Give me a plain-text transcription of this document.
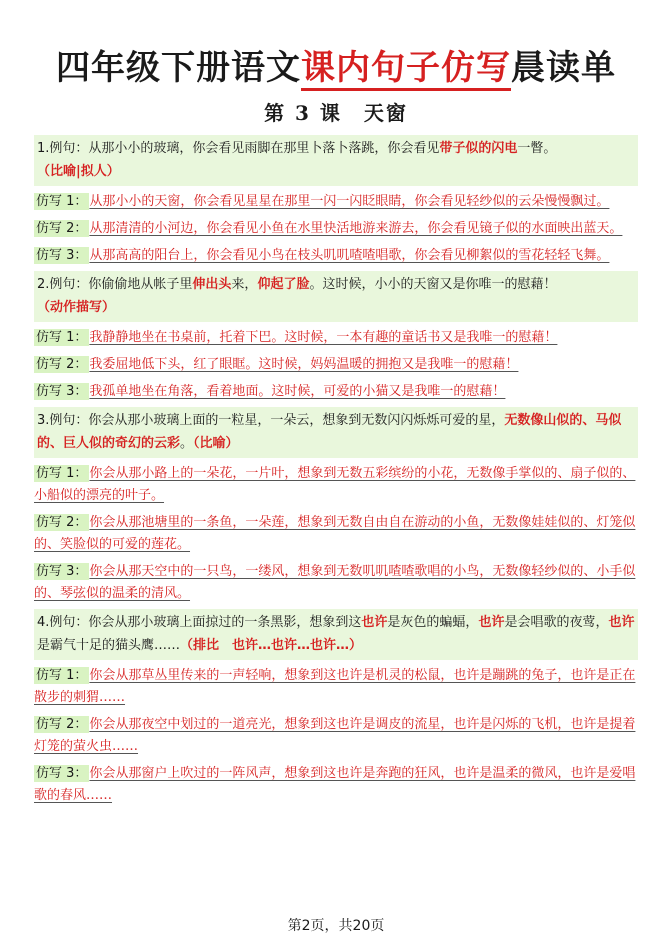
四年级下册语文课内句子仿写晨读单
第 3 课　天窗
1.例句：从那小小的玻璃，你会看见雨脚在那里卜落卜落跳，你会看见带子似的闪电一瞥。
（比喻|拟人）
仿写 1： 从那小小的天窗，你会看见星星在那里一闪一闪眨眼睛，你会看见轻纱似的云朵慢慢飘过。
仿写 2： 从那清清的小河边，你会看见小鱼在水里快活地游来游去，你会看见镜子似的水面映出蓝天。
仿写 3： 从那高高的阳台上，你会看见小鸟在枝头叽叽喳喳唱歌，你会看见柳絮似的雪花轻轻飞舞。
2.例句：你偷偷地从帐子里伸出头来，仰起了脸。这时候，小小的天窗又是你唯一的慰藉！
（动作描写）
仿写 1： 我静静地坐在书桌前，托着下巴。这时候，一本有趣的童话书又是我唯一的慰藉！
仿写 2： 我委屈地低下头，红了眼眶。这时候，妈妈温暖的拥抱又是我唯一的慰藉！
仿写 3： 我孤单地坐在角落，看着地面。这时候，可爱的小猫又是我唯一的慰藉！
3.例句：你会从那小玻璃上面的一粒星，一朵云，想象到无数闪闪烁烁可爱的星，无数像山似的、马似的、巨人似的奇幻的云彩。（比喻）
仿写 1： 你会从那小路上的一朵花，一片叶，想象到无数五彩缤纷的小花，无数像手掌似的、扇子似的、小船似的漂亮的叶子。
仿写 2： 你会从那池塘里的一条鱼，一朵莲，想象到无数自由自在游动的小鱼，无数像娃娃似的、灯笼似的、笑脸似的可爱的莲花。
仿写 3： 你会从那天空中的一只鸟，一缕风，想象到无数叽叽喳喳歌唱的小鸟，无数像轻纱似的、小手似的、琴弦似的温柔的清风。
4.例句：你会从那小玻璃上面掠过的一条黑影，想象到这也许是灰色的蝙蝠，也许是会唱歌的夜莺，也许是霸气十足的猫头鹰……（排比　也许…也许…也许…）
仿写 1： 你会从那草丛里传来的一声轻响，想象到这也许是机灵的松鼠，也许是蹦跳的兔子，也许是正在散步的刺猬……
仿写 2： 你会从那夜空中划过的一道亮光，想象到这也许是调皮的流星，也许是闪烁的飞机，也许是提着灯笼的萤火虫……
仿写 3： 你会从那窗户上吹过的一阵风声，想象到这也许是奔跑的狂风，也许是温柔的微风，也许是爱唱歌的春风……
第2页，共20页
